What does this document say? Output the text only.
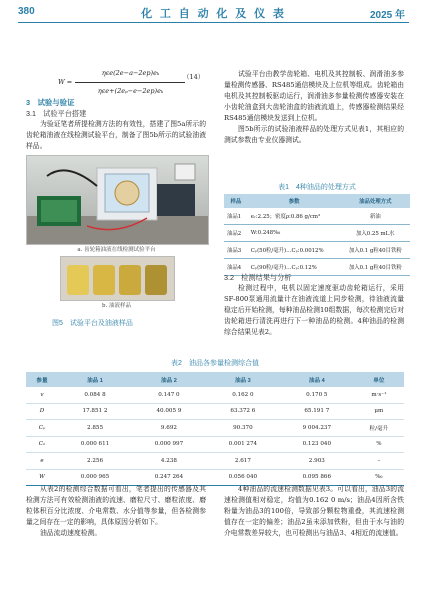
380	化 工 自 动 化 及 仪 表	2025 年
ηεe(2e−a−2ep)eₖ
W =
ηεe+(2eₚ−e−2ep)eₖ
（14）
3　试验与验证
3.1　试验平台搭建

为验证笔者所提检测方法的有效性，搭建了图5a所示的齿轮箱油液在线检测试验平台，制备了图5b所示的试验油液样品。

a. 齿轮箱油液在线检测试验平台
b. 油液样品
图5　试验平台及油液样品

试验平台由教学齿轮箱、电机及其控制板、润滑油多参量检测传感器、RS485通信模块及上位机等组成。齿轮箱由电机及其控制板驱动运行，润滑油多参量检测传感器安装在小齿轮油盒到大齿轮油盒的油液流道上，传感器检测结果经RS485通信模块发送到上位机。

图5b所示的试验油液样品的处理方式见表1，其相应的测试参数由专业仪器测试。

表1　4种油品的处理方式
样品	参数	油品处理方式
油品1	eᵣ:2.25；密度ρ:0.86 g/cm³	新油
油品2	W:0.248‰	加入0.25 mL水
油品3	Cₚ(50粒/毫升)…Cₚ:0.0012%	加入0.1 g粒40目铁粉
油品4	Cₚ(90粒/毫升)…Cₚ:0.12%	加入0.1 g粒40目铁粉
3.2　检测结果与分析

检测过程中，电机以固定速度驱动齿轮箱运行，采用SF-800泵通用流量计在油液流道上同步检测，待油液流量稳定后开始检测，每种油品检测10组数据，每次检测完后对齿轮箱进行清洗再进行下一种油品的检测。4种油品的检测综合结果见表2。

表2　油品各参量检测综合值
参量	油品 1	油品 2	油品 3	油品 4	单位
v	0.084 8	0.147 0	0.162 0	0.170 5	m·s⁻¹
D	17.851 2	40.005 9	63.372 6	65.191 7	μm
Cₚ	2.855	9.692	90.370	9 004.237	粒/毫升
Cₙ	0.000 611	0.000 997	0.001 274	0.123 040	%
e	2.256	4.238	2.617	2.903	–
W	0.000 965	0.247 264	0.056 040	0.095 866	‰

从表2的检测综合数据可看出，笔者提出的传感器及其检测方法可有效检测油液的流速、磨粒尺寸、磨粒浓度、磨粒体积百分比浓度、介电常数、水分值等参量，但各检测参量之间存在一定的影响，具体原因分析如下。

油品流动速度检测。

4种油品的流速检测数据见表3。可以看出，油品3的流速检测值相对稳定，均值为0.162 0 m/s；油品4因所含铁粉量为油品3的100倍，导致部分颗粒物重叠，其流速检测值存在一定的偏差；油品2虽未添加铁粉，但由于水与油的介电常数差异较大，也可检测出与油品3、4相近的流速值。
